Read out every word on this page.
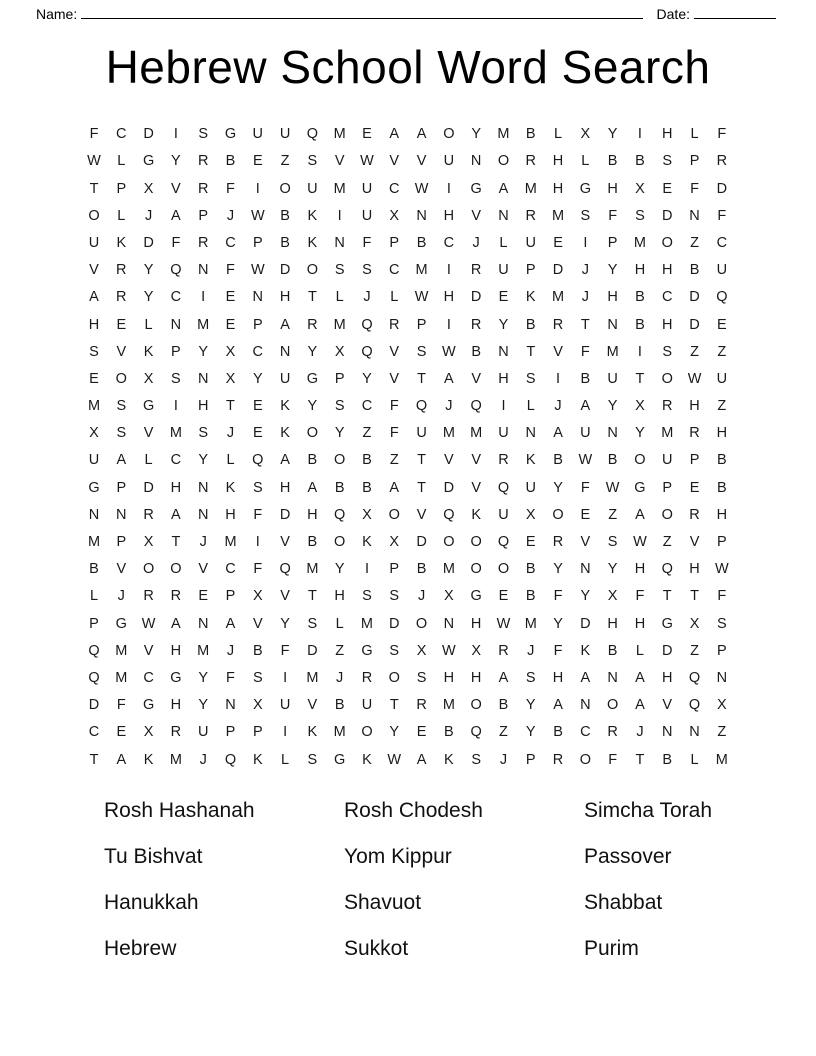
Name:	Date:
Hebrew School Word Search
F	C	D	I	S	G	U	U	Q	M	E	A	A	O	Y	M	B	L	X	Y	I	H	L	F
W	L	G	Y	R	B	E	Z	S	V	W	V	V	U	N	O	R	H	L	B	B	S	P	R
T	P	X	V	R	F	I	O	U	M	U	C	W	I	G	A	M	H	G	H	X	E	F	D
O	L	J	A	P	J	W	B	K	I	U	X	N	H	V	N	R	M	S	F	S	D	N	F
U	K	D	F	R	C	P	B	K	N	F	P	B	C	J	L	U	E	I	P	M	O	Z	C
V	R	Y	Q	N	F	W	D	O	S	S	C	M	I	R	U	P	D	J	Y	H	H	B	U
A	R	Y	C	I	E	N	H	T	L	J	L	W	H	D	E	K	M	J	H	B	C	D	Q
H	E	L	N	M	E	P	A	R	M	Q	R	P	I	R	Y	B	R	T	N	B	H	D	E
S	V	K	P	Y	X	C	N	Y	X	Q	V	S	W	B	N	T	V	F	M	I	S	Z	Z
E	O	X	S	N	X	Y	U	G	P	Y	V	T	A	V	H	S	I	B	U	T	O	W	U
M	S	G	I	H	T	E	K	Y	S	C	F	Q	J	Q	I	L	J	A	Y	X	R	H	Z
X	S	V	M	S	J	E	K	O	Y	Z	F	U	M	M	U	N	A	U	N	Y	M	R	H
U	A	L	C	Y	L	Q	A	B	O	B	Z	T	V	V	R	K	B	W	B	O	U	P	B
G	P	D	H	N	K	S	H	A	B	B	A	T	D	V	Q	U	Y	F	W	G	P	E	B
N	N	R	A	N	H	F	D	H	Q	X	O	V	Q	K	U	X	O	E	Z	A	O	R	H
M	P	X	T	J	M	I	V	B	O	K	X	D	O	O	Q	E	R	V	S	W	Z	V	P
B	V	O	O	V	C	F	Q	M	Y	I	P	B	M	O	O	B	Y	N	Y	H	Q	H	W
L	J	R	R	E	P	X	V	T	H	S	S	J	X	G	E	B	F	Y	X	F	T	T	F
P	G	W	A	N	A	V	Y	S	L	M	D	O	N	H	W M	Y	D	H	H	G	X	S
Q	M	V	H	M	J	B	F	D	Z	G	S	X	W	X	R	J	F	K	B	L	D	Z	P
Q	M	C	G	Y	F	S	I	M	J	R	O	S	H	H	A	S	H	A	N	A	H	Q	N
D	F	G	H	Y	N	X	U	V	B	U	T	R	M	O	B	Y	A	N	O	A	V	Q	X
C	E	X	R	U	P	P	I	K	M	O	Y	E	B	Q	Z	Y	B	C	R	J	N	N	Z
T	A	K	M	J	Q	K	L	S	G	K	W	A	K	S	J	P	R	O	F	T	B	L	M
Rosh Hashanah	Rosh Chodesh	Simcha Torah
Tu Bishvat	Yom Kippur	Passover
Hanukkah	Shavuot	Shabbat
Hebrew	Sukkot	Purim
